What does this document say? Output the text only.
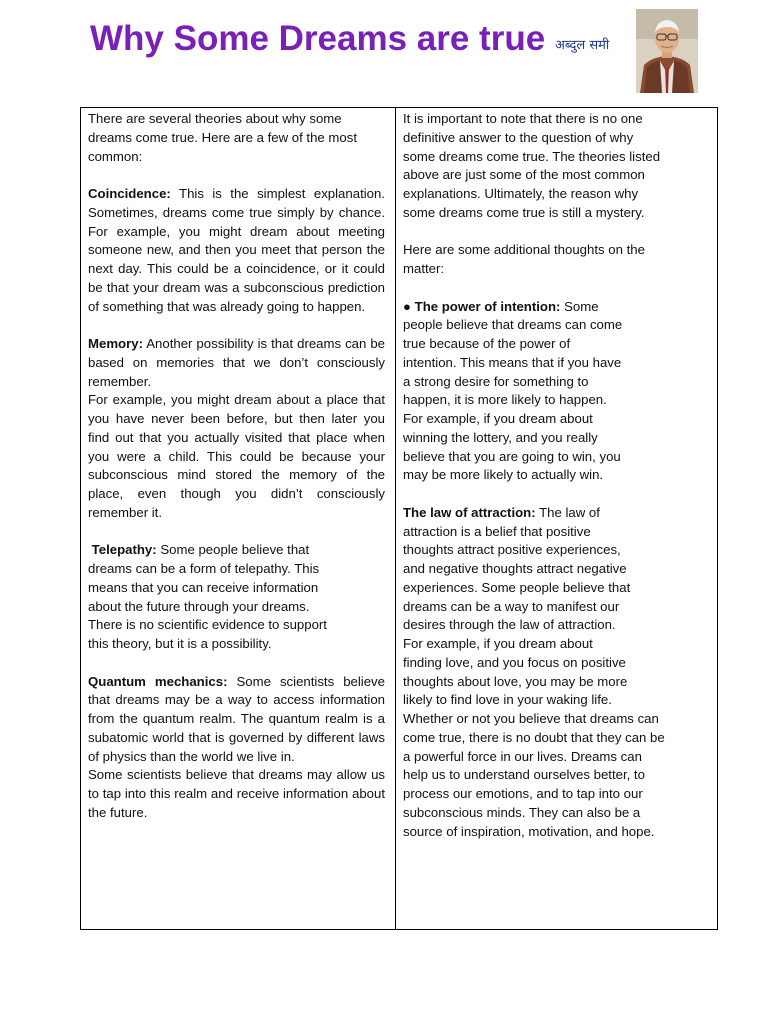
Why Some Dreams are true अब्दुल समी

There are several theories about why some dreams come true. Here are a few of the most common:

Coincidence: This is the simplest explanation. Sometimes, dreams come true simply by chance. For example, you might dream about meeting someone new, and then you meet that person the next day. This could be a coincidence, or it could be that your dream was a subconscious prediction of something that was already going to happen.

Memory: Another possibility is that dreams can be based on memories that we don’t consciously remember.

For example, you might dream about a place that you have never been before, but then later you find out that you actually visited that place when you were a child. This could be because your subconscious mind stored the memory of the place, even though you didn’t consciously remember it.

Telepathy: Some people believe that dreams can be a form of telepathy. This means that you can receive information about the future through your dreams. There is no scientific evidence to support this theory, but it is a possibility.

Quantum mechanics: Some scientists believe that dreams may be a way to access information from the quantum realm. The quantum realm is a subatomic world that is governed by different laws of physics than the world we live in.

Some scientists believe that dreams may allow us to tap into this realm and receive information about the future.

It is important to note that there is no one definitive answer to the question of why some dreams come true. The theories listed above are just some of the most common explanations. Ultimately, the reason why some dreams come true is still a mystery.

Here are some additional thoughts on the matter:

● The power of intention: Some people believe that dreams can come true because of the power of intention. This means that if you have a strong desire for something to happen, it is more likely to happen. For example, if you dream about winning the lottery, and you really believe that you are going to win, you may be more likely to actually win.

The law of attraction: The law of attraction is a belief that positive thoughts attract positive experiences, and negative thoughts attract negative experiences. Some people believe that dreams can be a way to manifest our desires through the law of attraction. For example, if you dream about finding love, and you focus on positive thoughts about love, you may be more likely to find love in your waking life.

Whether or not you believe that dreams can come true, there is no doubt that they can be a powerful force in our lives. Dreams can help us to understand ourselves better, to process our emotions, and to tap into our subconscious minds. They can also be a source of inspiration, motivation, and hope.
